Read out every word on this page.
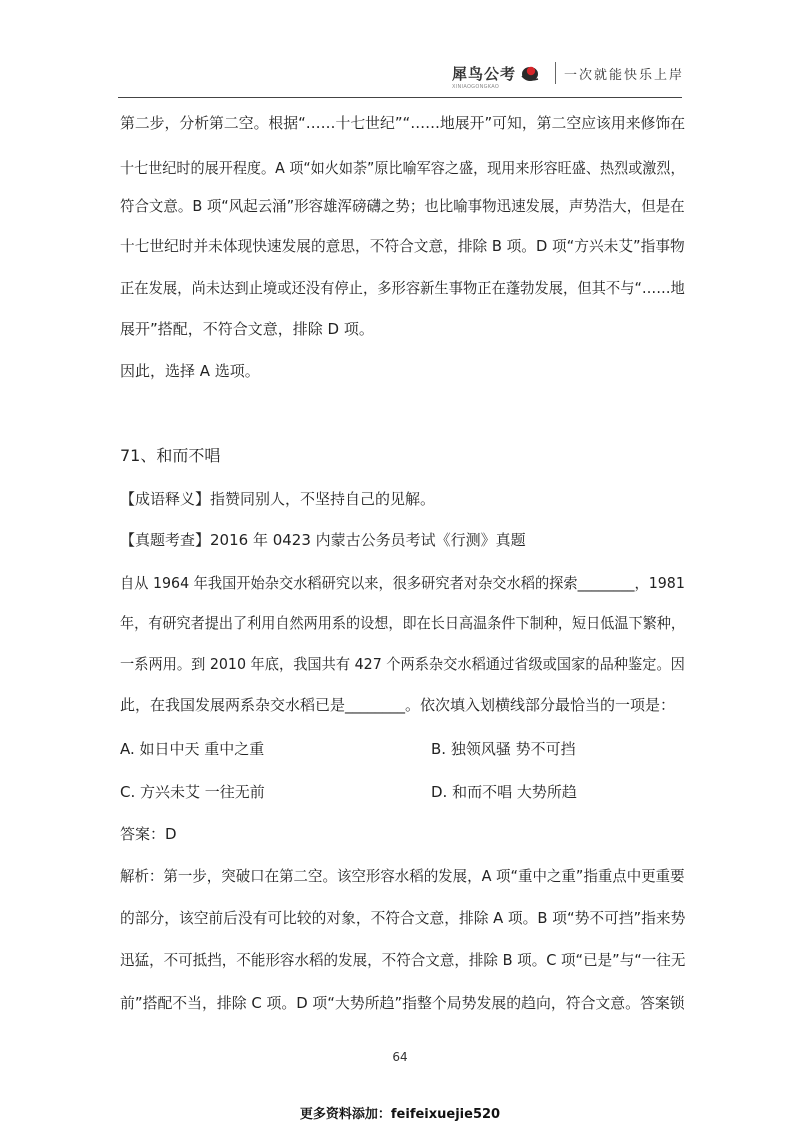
犀鸟公考
XINIAOGONGKAO
一次就能快乐上岸
第二步，分析第二空。根据“……十七世纪”“……地展开”可知，第二空应该用来修饰在
十七世纪时的展开程度。A 项“如火如荼”原比喻军容之盛，现用来形容旺盛、热烈或激烈，
符合文意。B 项“风起云涌”形容雄浑磅礴之势；也比喻事物迅速发展，声势浩大，但是在
十七世纪时并未体现快速发展的意思，不符合文意，排除 B 项。D 项“方兴未艾”指事物
正在发展，尚未达到止境或还没有停止，多形容新生事物正在蓬勃发展，但其不与“……地
展开”搭配，不符合文意，排除 D 项。
因此，选择 A 选项。
71、和而不唱
【成语释义】指赞同别人，不坚持自己的见解。
【真题考查】2016 年 0423 内蒙古公务员考试《行测》真题
自从 1964 年我国开始杂交水稻研究以来，很多研究者对杂交水稻的探索________，1981
年，有研究者提出了利用自然两用系的设想，即在长日高温条件下制种，短日低温下繁种，
一系两用。到 2010 年底，我国共有 427 个两系杂交水稻通过省级或国家的品种鉴定。因
此，在我国发展两系杂交水稻已是________。依次填入划横线部分最恰当的一项是：
A. 如日中天 重中之重	B. 独领风骚 势不可挡
C. 方兴未艾 一往无前	D. 和而不唱 大势所趋
答案：D
解析：第一步，突破口在第二空。该空形容水稻的发展，A 项“重中之重”指重点中更重要
的部分，该空前后没有可比较的对象，不符合文意，排除 A 项。B 项“势不可挡”指来势
迅猛，不可抵挡，不能形容水稻的发展，不符合文意，排除 B 项。C 项“已是”与“一往无
前”搭配不当，排除 C 项。D 项“大势所趋”指整个局势发展的趋向，符合文意。答案锁
64
更多资料添加：feifeixuejie520
